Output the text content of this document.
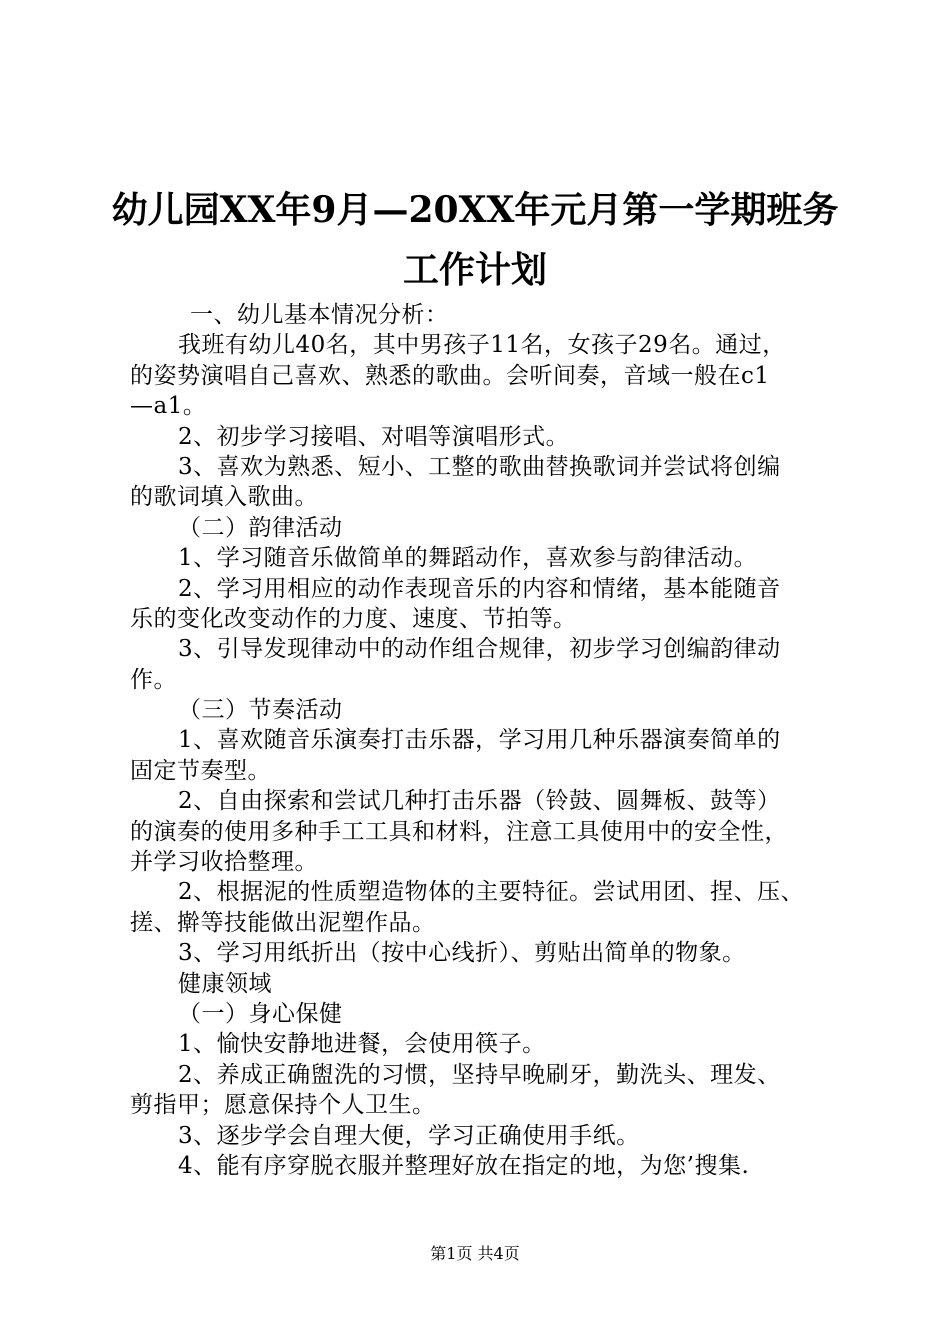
幼儿园XX年9月—20XX年元月第一学期班务
工作计划
一、幼儿基本情况分析：
我班有幼儿40名，其中男孩子11名，女孩子29名。通过，
的姿势演唱自己喜欢、熟悉的歌曲。会听间奏，音域一般在c1
—a1。
2、初步学习接唱、对唱等演唱形式。
3、喜欢为熟悉、短小、工整的歌曲替换歌词并尝试将创编
的歌词填入歌曲。
（二）韵律活动
1、学习随音乐做简单的舞蹈动作，喜欢参与韵律活动。
2、学习用相应的动作表现音乐的内容和情绪，基本能随音
乐的变化改变动作的力度、速度、节拍等。
3、引导发现律动中的动作组合规律，初步学习创编韵律动
作。
（三）节奏活动
1、喜欢随音乐演奏打击乐器，学习用几种乐器演奏简单的
固定节奏型。
2、自由探索和尝试几种打击乐器（铃鼓、圆舞板、鼓等）
的演奏的使用多种手工工具和材料，注意工具使用中的安全性，
并学习收拾整理。
2、根据泥的性质塑造物体的主要特征。尝试用团、捏、压、
搓、擀等技能做出泥塑作品。
3、学习用纸折出（按中心线折）、剪贴出简单的物象。
健康领域
（一）身心保健
1、愉快安静地进餐，会使用筷子。
2、养成正确盥洗的习惯，坚持早晚刷牙，勤洗头、理发、
剪指甲；愿意保持个人卫生。
3、逐步学会自理大便，学习正确使用手纸。
4、能有序穿脱衣服并整理好放在指定的地，为您’搜集.
第1页 共4页
